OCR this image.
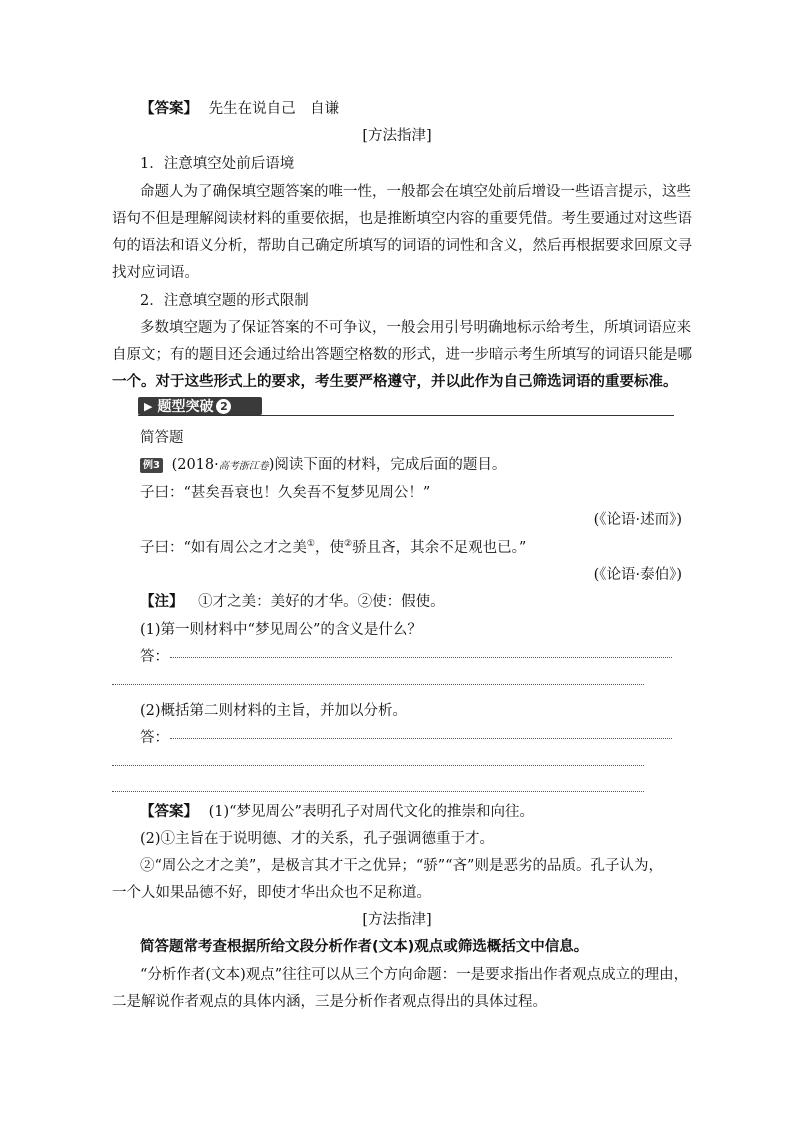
【答案】 先生在说自己　自谦
[方法指津]
1．注意填空处前后语境
命题人为了确保填空题答案的唯一性，一般都会在填空处前后增设一些语言提示，这些
语句不但是理解阅读材料的重要依据，也是推断填空内容的重要凭借。考生要通过对这些语
句的语法和语义分析，帮助自己确定所填写的词语的词性和含义，然后再根据要求回原文寻
找对应词语。
2．注意填空题的形式限制
多数填空题为了保证答案的不可争议，一般会用引号明确地标示给考生，所填词语应来
自原文；有的题目还会通过给出答题空格数的形式，进一步暗示考生所填写的词语只能是哪
一个。对于这些形式上的要求，考生要严格遵守，并以此作为自己筛选词语的重要标准。
▶ 题型突破 2
简答题
例3 (2018·高考浙江卷)阅读下面的材料，完成后面的题目。
子曰：“甚矣吾衰也！久矣吾不复梦见周公！”
(《论语·述而》)
子曰：“如有周公之才之美①，使②骄且吝，其余不足观也已。”
(《论语·泰伯》)
【注】 ①才之美：美好的才华。②使：假使。
(1)第一则材料中“梦见周公”的含义是什么？
答：
(2)概括第二则材料的主旨，并加以分析。
答：
【答案】 (1)“梦见周公”表明孔子对周代文化的推崇和向往。
(2)①主旨在于说明德、才的关系，孔子强调德重于才。
②“周公之才之美”，是极言其才干之优异；“骄”“吝”则是恶劣的品质。孔子认为，
一个人如果品德不好，即使才华出众也不足称道。
[方法指津]
简答题常考查根据所给文段分析作者(文本)观点或筛选概括文中信息。
“分析作者(文本)观点”往往可以从三个方向命题：一是要求指出作者观点成立的理由，
二是解说作者观点的具体内涵，三是分析作者观点得出的具体过程。
